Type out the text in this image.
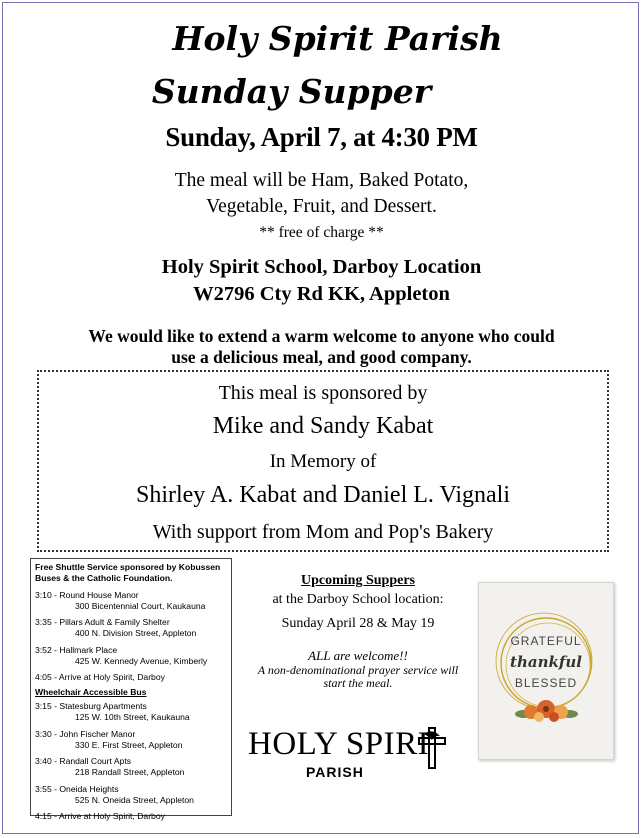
Holy Spirit Parish
Sunday Supper
Sunday, April 7, at 4:30 PM
The meal will be Ham, Baked Potato,
Vegetable, Fruit, and Dessert.
** free of charge **
Holy Spirit School, Darboy Location
W2796 Cty Rd KK, Appleton
We would like to extend a warm welcome to anyone who could
use a delicious meal, and good company.
This meal is sponsored by
Mike and Sandy Kabat
In Memory of
Shirley A. Kabat and Daniel L. Vignali
With support from Mom and Pop's Bakery
Free Shuttle Service sponsored by Kobussen Buses & the Catholic Foundation.
3:10 - Round House Manor
300 Bicentennial Court, Kaukauna
3:35 - Pillars Adult & Family Shelter
400 N. Division Street, Appleton
3:52 - Hallmark Place
425 W. Kennedy Avenue, Kimberly
4:05 - Arrive at Holy Spirit, Darboy
Wheelchair Accessible Bus
3:15 - Statesburg Apartments
125 W. 10th Street, Kaukauna
3:30 - John Fischer Manor
330 E. First Street, Appleton
3:40 - Randall Court Apts
218 Randall Street, Appleton
3:55 - Oneida Heights
525 N. Oneida Street, Appleton
4:15 - Arrive at Holy Spirit, Darboy
Upcoming Suppers
at the Darboy School location:
Sunday April 28 & May 19
ALL are welcome!!
A non-denominational prayer service will
start the meal.
HOLY SPIRI
PARISH
GRATEFUL
thankful
BLESSED
